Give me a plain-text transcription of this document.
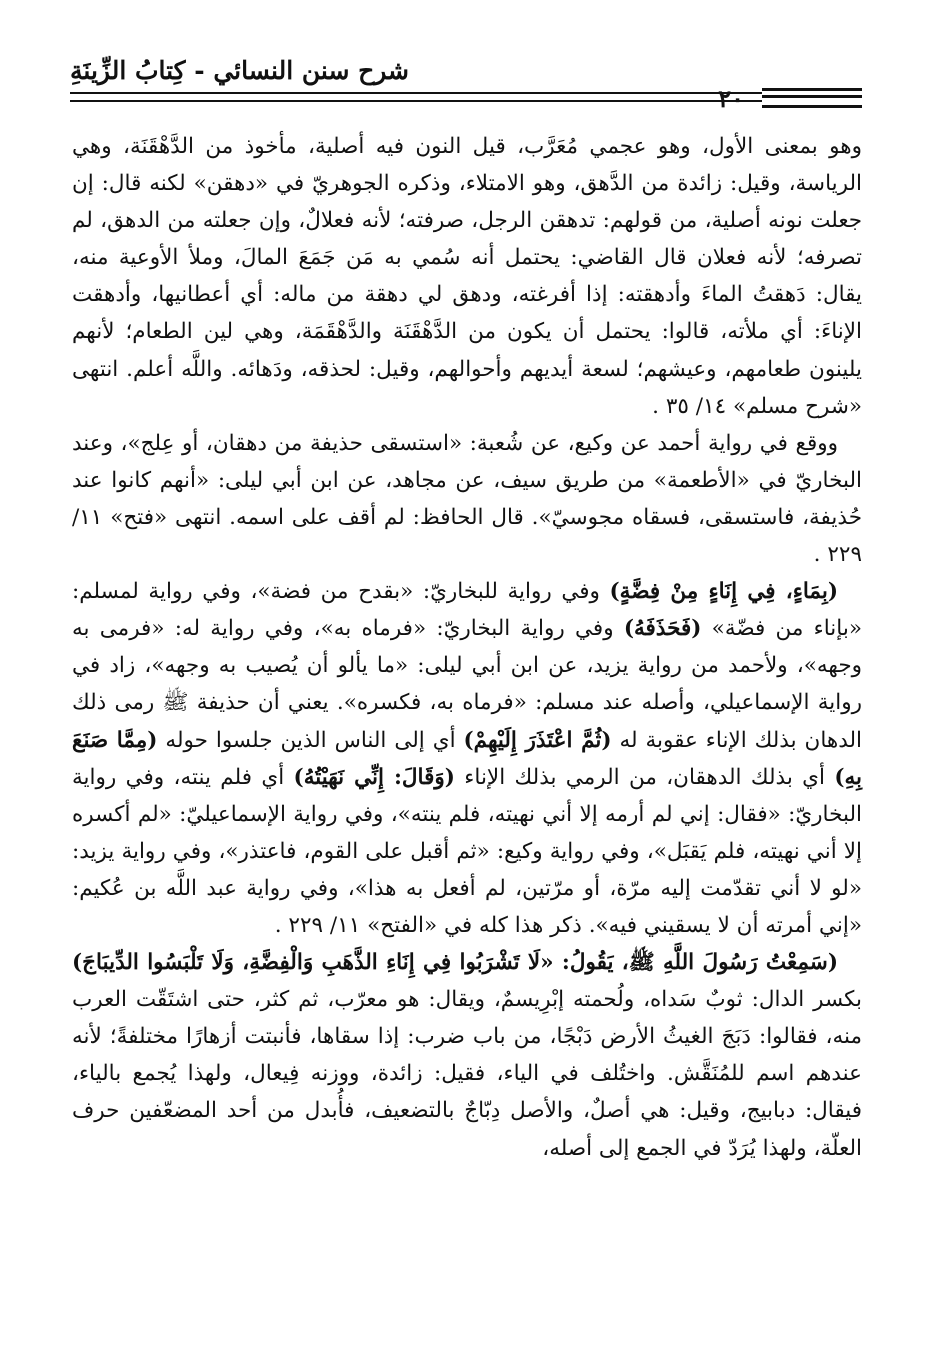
شرح سنن النسائي - كِتابُ الزِّينَةِ
٢٠

وهو بمعنى الأول، وهو عجمي مُعَرَّب، قيل النون فيه أصلية، مأخوذ من الدَّهْقَنَة، وهي الرياسة، وقيل: زائدة من الدَّهق، وهو الامتلاء، وذكره الجوهريّ في «دهقن» لكنه قال: إن جعلت نونه أصلية، من قولهم: تدهقن الرجل، صرفته؛ لأنه فعلالٌ، وإن جعلته من الدهق، لم تصرفه؛ لأنه فعلان قال القاضي: يحتمل أنه سُمي به مَن جَمَعَ المالَ، وملأ الأوعية منه، يقال: دَهقتُ الماءَ وأدهقته: إذا أفرغته، ودهق لي دهقة من ماله: أي أعطانيها، وأدهقت الإناءَ: أي ملأته، قالوا: يحتمل أن يكون من الدَّهْقَنَة والدَّهْقَمَة، وهي لين الطعام؛ لأنهم يلينون طعامهم، وعيشهم؛ لسعة أيديهم وأحوالهم، وقيل: لحذقه، ودَهائه. واللَّه أعلم. انتهى «شرح مسلم» ١٤/ ٣٥ .

ووقع في رواية أحمد عن وكيع، عن شُعبة: «استسقى حذيفة من دهقان، أو عِلج»، وعند البخاريّ في «الأطعمة» من طريق سيف، عن مجاهد، عن ابن أبي ليلى: «أنهم كانوا عند حُذيفة، فاستسقى، فسقاه مجوسيّ». قال الحافظ: لم أقف على اسمه. انتهى «فتح» ١١/ ٢٢٩ .

(بِمَاءٍ، فِي إِنَاءٍ مِنْ فِضَّةٍ) وفي رواية للبخاريّ: «بقدح من فضة»، وفي رواية لمسلم: «بإناء من فضّة» (فَحَذَفَهُ) وفي رواية البخاريّ: «فرماه به»، وفي رواية له: «فرمى به وجهه»، ولأحمد من رواية يزيد، عن ابن أبي ليلى: «ما يألو أن يُصيب به وجهه»، زاد في رواية الإسماعيلي، وأصله عند مسلم: «فرماه به، فكسره». يعني أن حذيفة ﷺ رمى ذلك الدهان بذلك الإناء عقوبة له (ثُمَّ اعْتَذَرَ إِلَيْهِمْ) أي إلى الناس الذين جلسوا حوله (مِمَّا صَنَعَ بِهِ) أي بذلك الدهقان، من الرمي بذلك الإناء (وَقَالَ: إِنِّي نَهَيْتُهُ) أي فلم ينته، وفي رواية البخاريّ: «فقال: إني لم أرمه إلا أني نهيته، فلم ينته»، وفي رواية الإسماعيليّ: «لم أكسره إلا أني نهيته، فلم يَقبَل»، وفي رواية وكيع: «ثم أقبل على القوم، فاعتذر»، وفي رواية يزيد: «لو لا أني تقدّمت إليه مرّة، أو مرّتين، لم أفعل به هذا»، وفي رواية عبد اللَّه بن عُكيم: «إني أمرته أن لا يسقيني فيه». ذكر هذا كله في «الفتح» ١١/ ٢٢٩ .

(سَمِعْتُ رَسُولَ اللَّهِ ﷺ، يَقُولُ: «لَا تَشْرَبُوا فِي إِنَاءِ الذَّهَبِ وَالْفِضَّةِ، وَلَا تَلْبَسُوا الدِّيبَاجَ) بكسر الدال: ثوبٌ سَداه، ولُحمته إبْرِيسمٌ، ويقال: هو معرّب، ثم كثر، حتى اشتَقّت العرب منه، فقالوا: دَبَجَ الغيثُ الأرض دَبْجًا، من باب ضرب: إذا سقاها، فأنبتت أزهارًا مختلفةً؛ لأنه عندهم اسم للمُنَقَّش. واختُلف في الياء، فقيل: زائدة، ووزنه فِيعال، ولهذا يُجمع بالياء، فيقال: دبابيج، وقيل: هي أصلٌ، والأصل دِبّاجٌ بالتضعيف، فأُبدل من أحد المضعّفين حرف العلّة، ولهذا يُرَدّ في الجمع إلى أصله،
